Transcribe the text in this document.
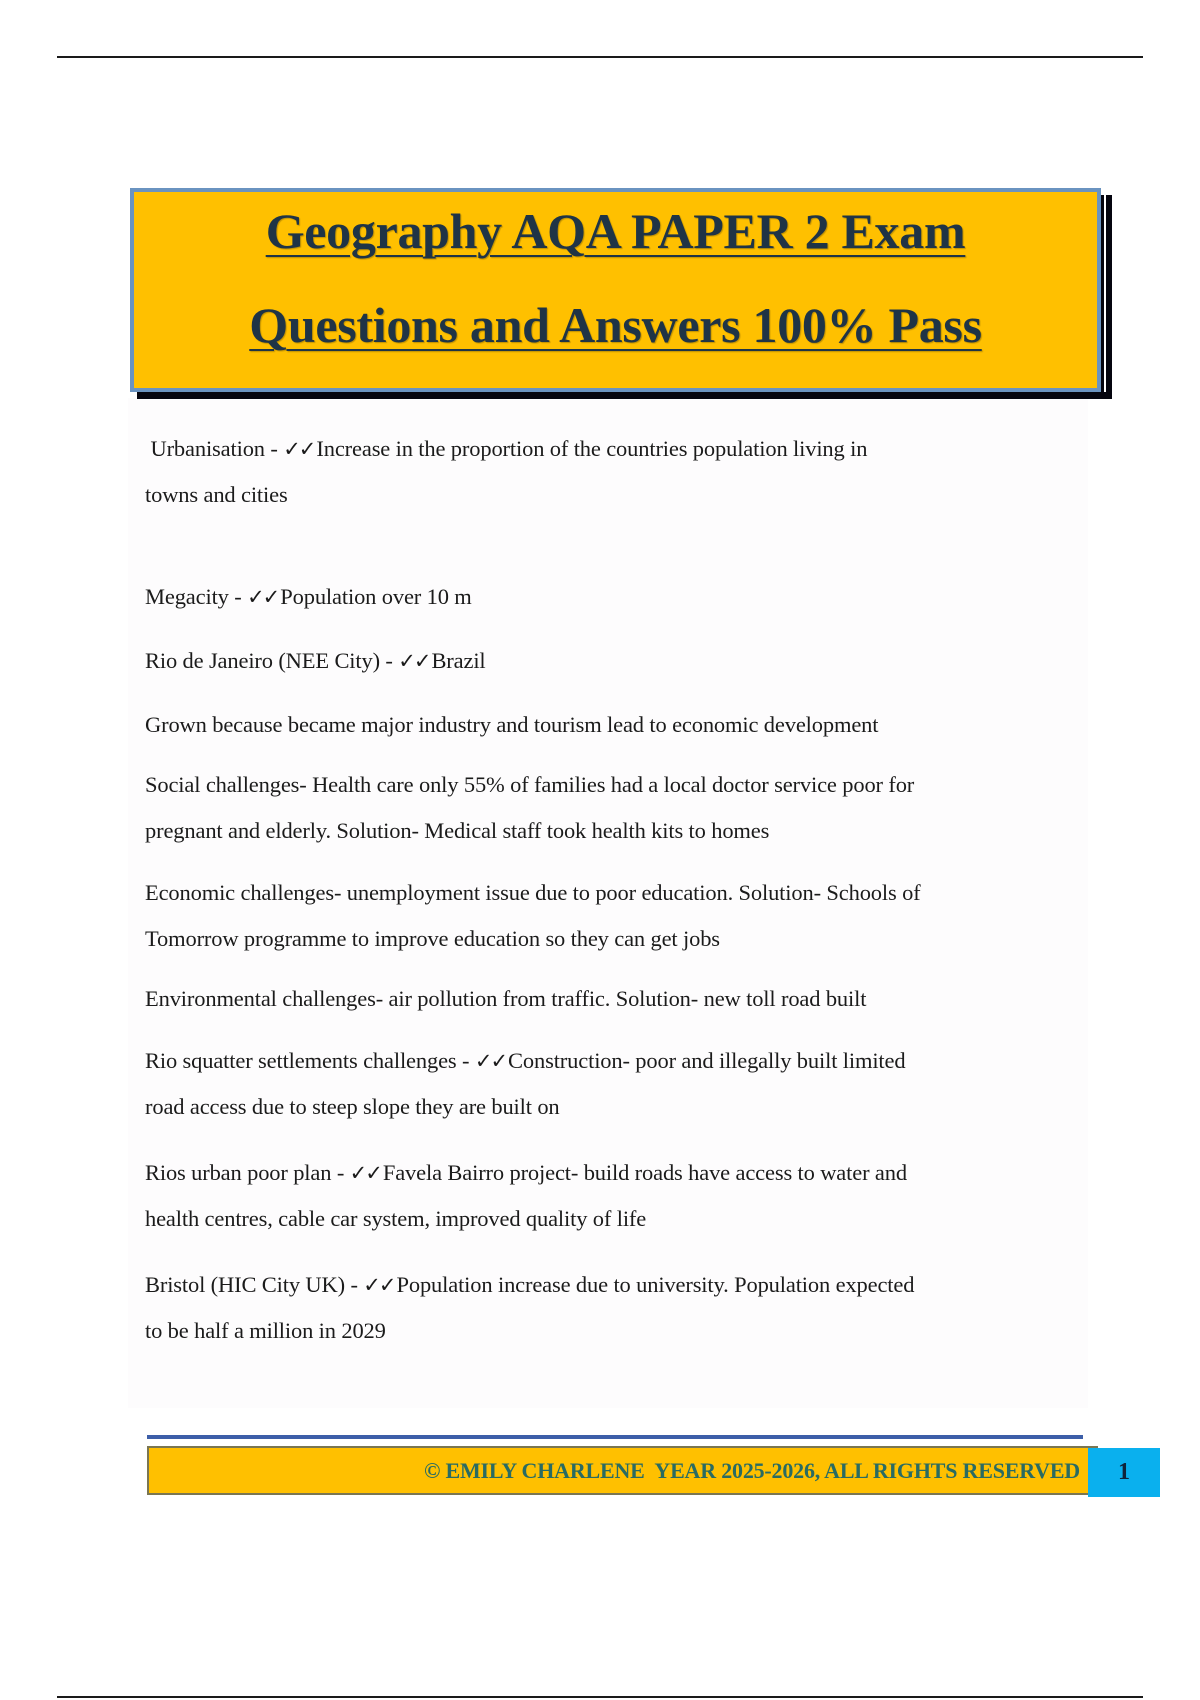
Geography AQA PAPER 2 Exam
Questions and Answers 100% Pass
Urbanisation - ✓✓Increase in the proportion of the countries population living in
towns and cities
Megacity - ✓✓Population over 10 m
Rio de Janeiro (NEE City) - ✓✓Brazil
Grown because became major industry and tourism lead to economic development
Social challenges- Health care only 55% of families had a local doctor service poor for
pregnant and elderly. Solution- Medical staff took health kits to homes
Economic challenges- unemployment issue due to poor education. Solution- Schools of
Tomorrow programme to improve education so they can get jobs
Environmental challenges- air pollution from traffic. Solution- new toll road built
Rio squatter settlements challenges - ✓✓Construction- poor and illegally built limited
road access due to steep slope they are built on
Rios urban poor plan - ✓✓Favela Bairro project- build roads have access to water and
health centres, cable car system, improved quality of life
Bristol (HIC City UK) - ✓✓Population increase due to university. Population expected
to be half a million in 2029
© EMILY CHARLENE  YEAR 2025-2026, ALL RIGHTS RESERVED 1
